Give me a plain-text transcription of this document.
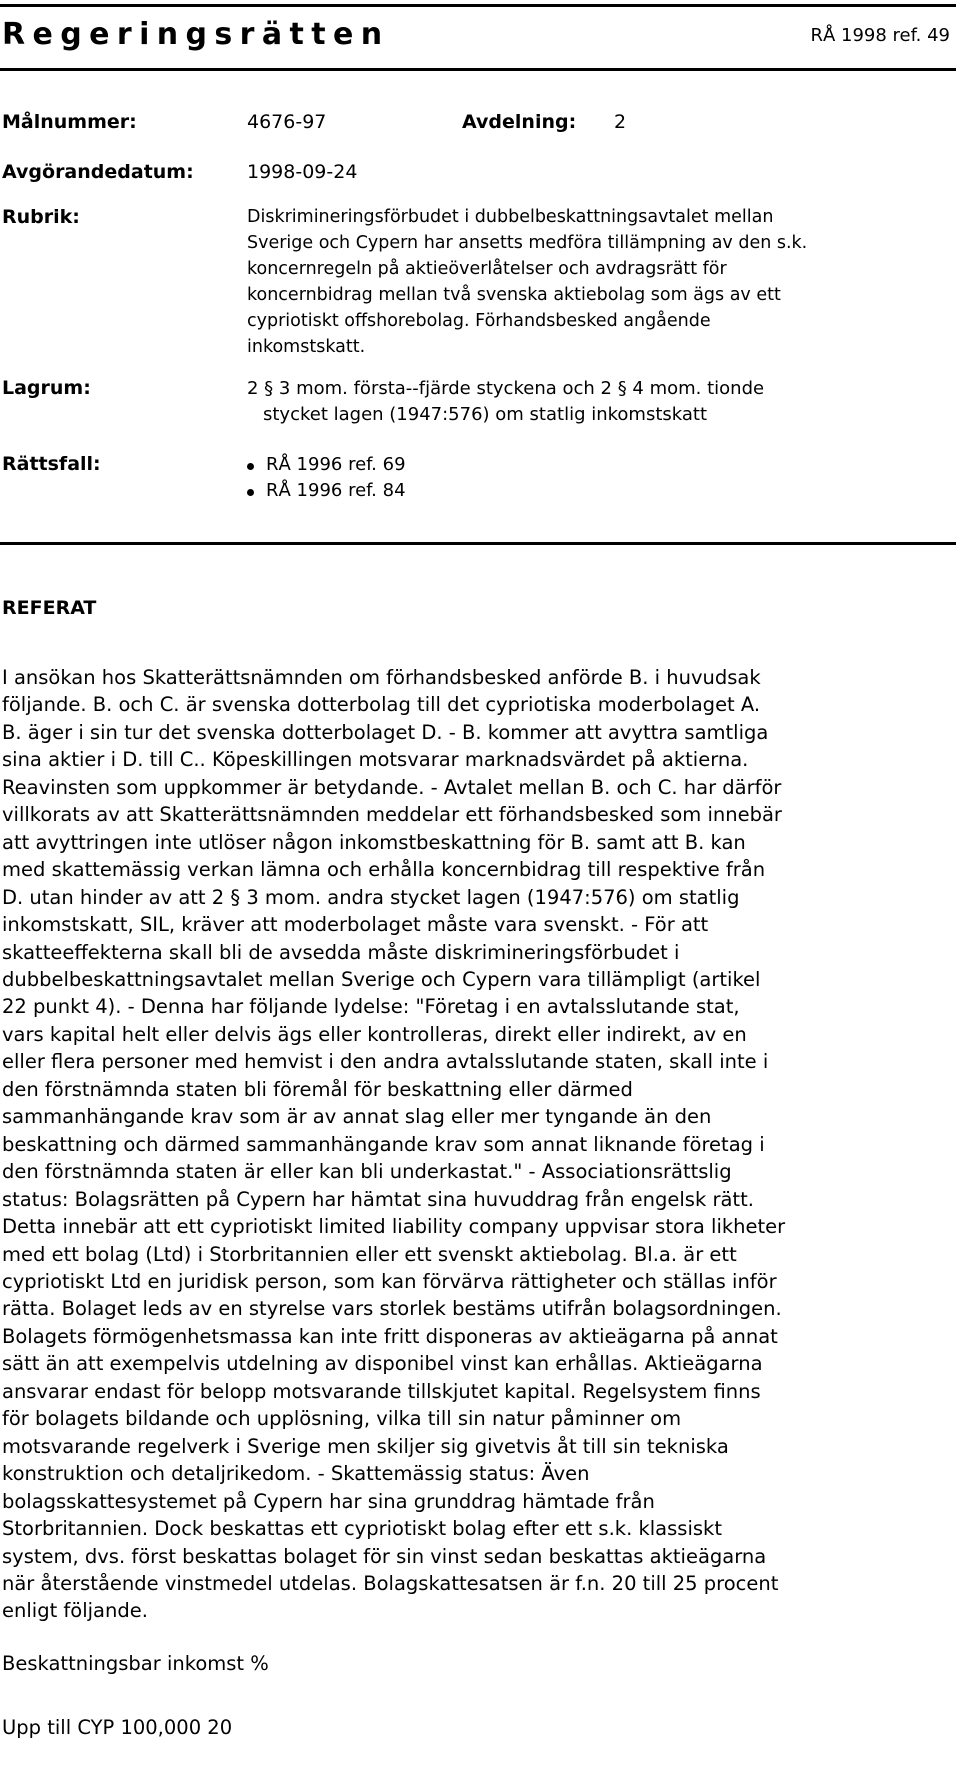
Regeringsrätten	RÅ 1998 ref. 49
Målnummer:	4676-97	Avdelning: 2
Avgörandedatum:	1998-09-24
Rubrik:	Diskrimineringsförbudet i dubbelbeskattningsavtalet mellan
Sverige och Cypern har ansetts medföra tillämpning av den s.k.
koncernregeln på aktieöverlåtelser och avdragsrätt för
koncernbidrag mellan två svenska aktiebolag som ägs av ett
cypriotiskt offshorebolag. Förhandsbesked angående
inkomstskatt.
Lagrum:	2 § 3 mom. första--fjärde styckena och 2 § 4 mom. tionde
stycket lagen (1947:576) om statlig inkomstskatt
Rättsfall:	RÅ 1996 ref. 69
RÅ 1996 ref. 84
REFERAT
I ansökan hos Skatterättsnämnden om förhandsbesked anförde B. i huvudsak
följande. B. och C. är svenska dotterbolag till det cypriotiska moderbolaget A.
B. äger i sin tur det svenska dotterbolaget D. - B. kommer att avyttra samtliga
sina aktier i D. till C.. Köpeskillingen motsvarar marknadsvärdet på aktierna.
Reavinsten som uppkommer är betydande. - Avtalet mellan B. och C. har därför
villkorats av att Skatterättsnämnden meddelar ett förhandsbesked som innebär
att avyttringen inte utlöser någon inkomstbeskattning för B. samt att B. kan
med skattemässig verkan lämna och erhålla koncernbidrag till respektive från
D. utan hinder av att 2 § 3 mom. andra stycket lagen (1947:576) om statlig
inkomstskatt, SIL, kräver att moderbolaget måste vara svenskt. - För att
skatteeffekterna skall bli de avsedda måste diskrimineringsförbudet i
dubbelbeskattningsavtalet mellan Sverige och Cypern vara tillämpligt (artikel
22 punkt 4). - Denna har följande lydelse: "Företag i en avtalsslutande stat,
vars kapital helt eller delvis ägs eller kontrolleras, direkt eller indirekt, av en
eller flera personer med hemvist i den andra avtalsslutande staten, skall inte i
den förstnämnda staten bli föremål för beskattning eller därmed
sammanhängande krav som är av annat slag eller mer tyngande än den
beskattning och därmed sammanhängande krav som annat liknande företag i
den förstnämnda staten är eller kan bli underkastat." - Associationsrättslig
status: Bolagsrätten på Cypern har hämtat sina huvuddrag från engelsk rätt.
Detta innebär att ett cypriotiskt limited liability company uppvisar stora likheter
med ett bolag (Ltd) i Storbritannien eller ett svenskt aktiebolag. Bl.a. är ett
cypriotiskt Ltd en juridisk person, som kan förvärva rättigheter och ställas inför
rätta. Bolaget leds av en styrelse vars storlek bestäms utifrån bolagsordningen.
Bolagets förmögenhetsmassa kan inte fritt disponeras av aktieägarna på annat
sätt än att exempelvis utdelning av disponibel vinst kan erhållas. Aktieägarna
ansvarar endast för belopp motsvarande tillskjutet kapital. Regelsystem finns
för bolagets bildande och upplösning, vilka till sin natur påminner om
motsvarande regelverk i Sverige men skiljer sig givetvis åt till sin tekniska
konstruktion och detaljrikedom. - Skattemässig status: Även
bolagsskattesystemet på Cypern har sina grunddrag hämtade från
Storbritannien. Dock beskattas ett cypriotiskt bolag efter ett s.k. klassiskt
system, dvs. först beskattas bolaget för sin vinst sedan beskattas aktieägarna
när återstående vinstmedel utdelas. Bolagskattesatsen är f.n. 20 till 25 procent
enligt följande.
Beskattningsbar inkomst %
Upp till CYP 100,000 20
